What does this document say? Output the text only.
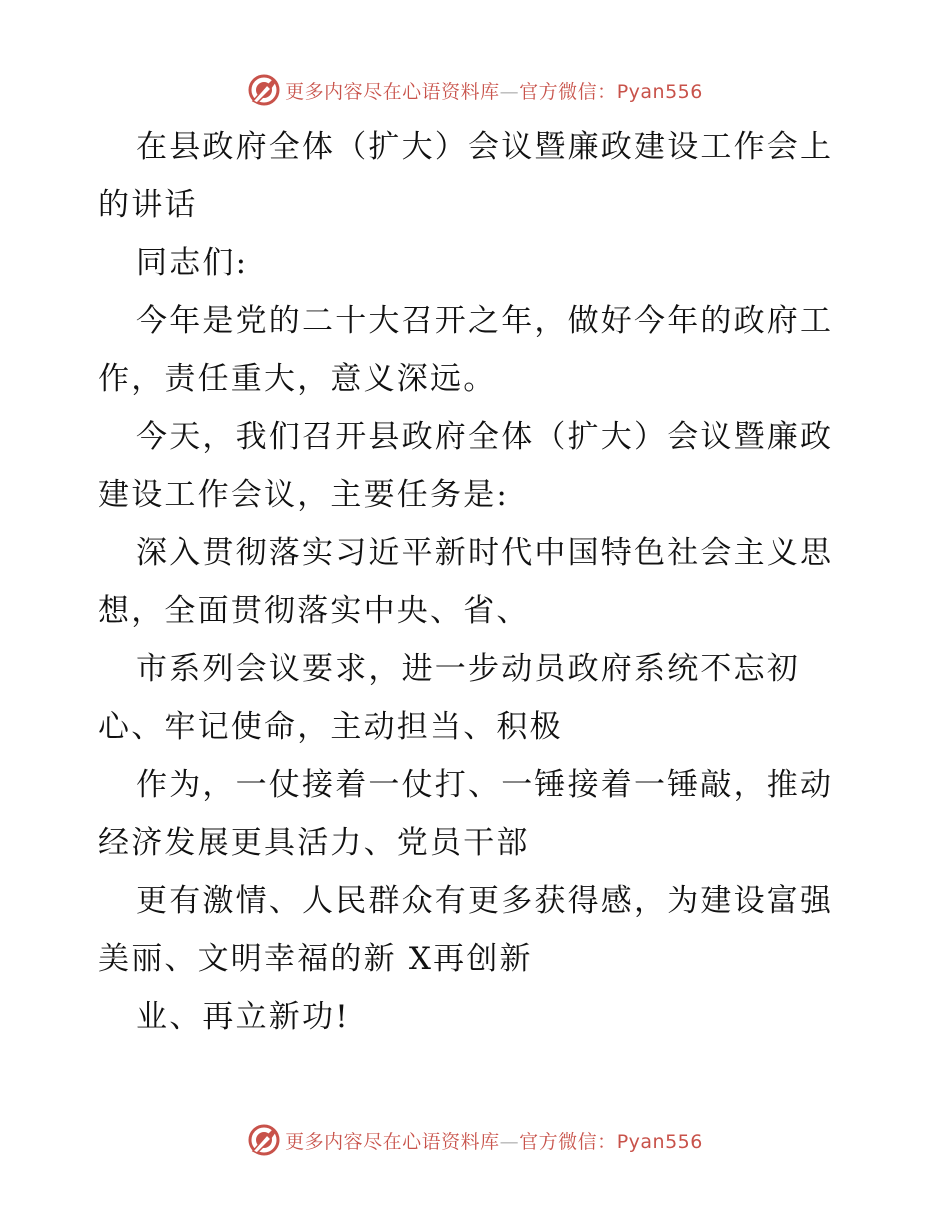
更多内容尽在心语资料库—官方微信：Pyan556
在县政府全体（扩大）会议暨廉政建设工作会上
的讲话
同志们:
今年是党的二十大召开之年，做好今年的政府工
作，责任重大，意义深远。
今天，我们召开县政府全体（扩大）会议暨廉政
建设工作会议，主要任务是:
深入贯彻落实习近平新时代中国特色社会主义思
想，全面贯彻落实中央、省、
市系列会议要求，进一步动员政府系统不忘初
心、牢记使命，主动担当、积极
作为，一仗接着一仗打、一锤接着一锤敲，推动
经济发展更具活力、党员干部
更有激情、人民群众有更多获得感，为建设富强
美丽、文明幸福的新 X再创新
业、再立新功!
更多内容尽在心语资料库—官方微信：Pyan556
